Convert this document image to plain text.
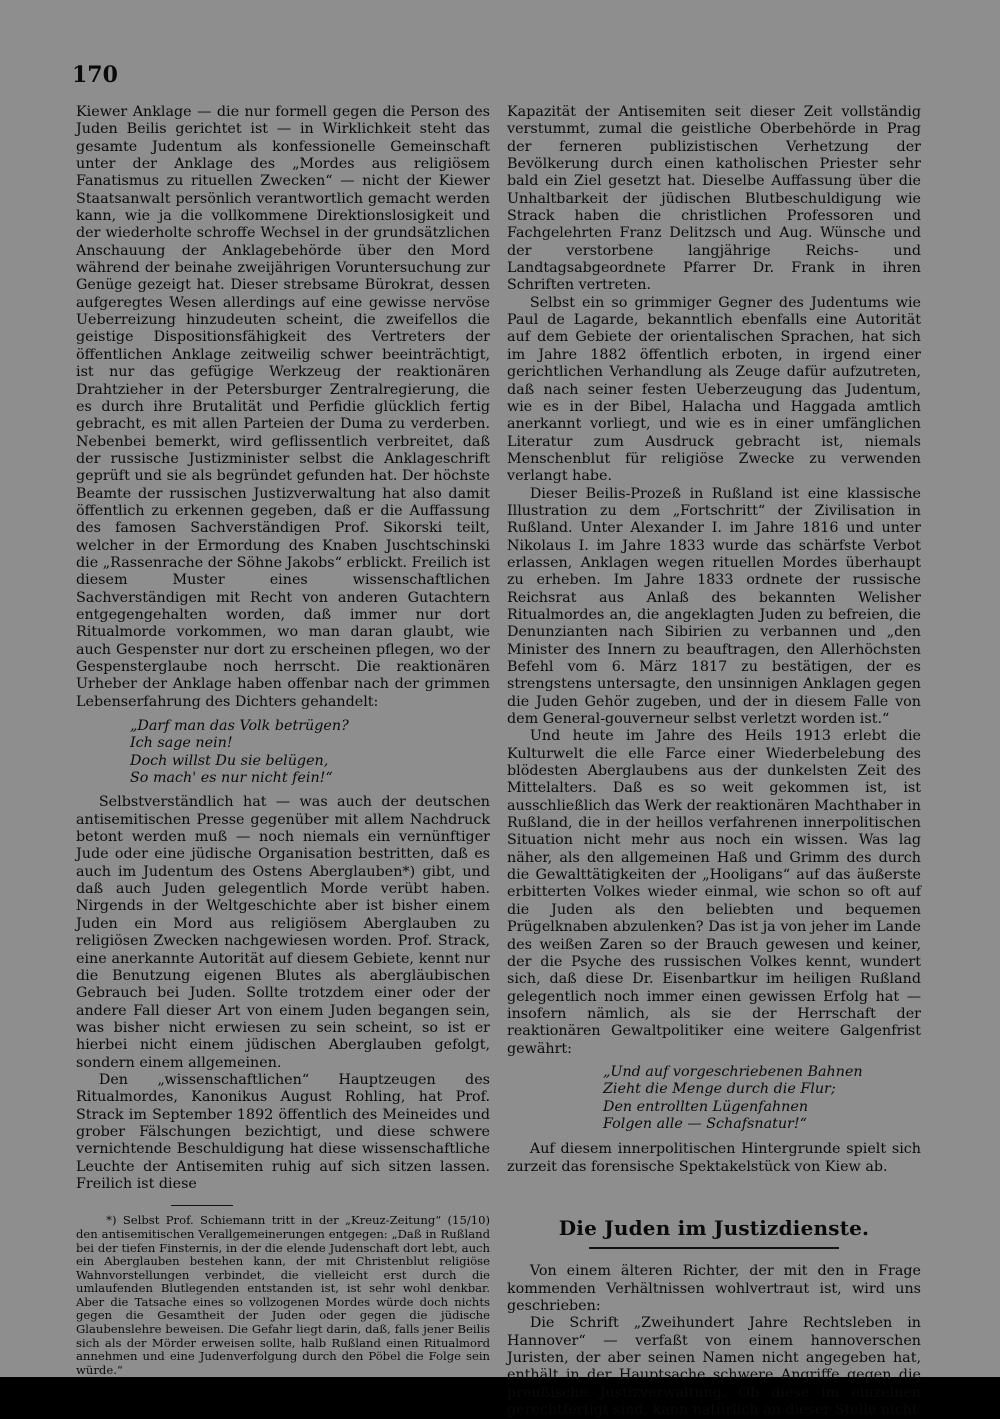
170

Kiewer Anklage — die nur formell gegen die Person des Juden Beilis gerichtet ist — in Wirklichkeit steht das gesamte Judentum als konfessionelle Gemeinschaft unter der Anklage des „Mordes aus religiösem Fanatismus zu rituellen Zwecken“ — nicht der Kiewer Staatsanwalt persönlich verantwortlich gemacht werden kann, wie ja die vollkommene Direktionslosigkeit und der wiederholte schroffe Wechsel in der grundsätzlichen Anschauung der Anklagebehörde über den Mord während der beinahe zweijährigen Voruntersuchung zur Genüge gezeigt hat. Dieser strebsame Bürokrat, dessen aufgeregtes Wesen allerdings auf eine gewisse nervöse Ueberreizung hinzudeuten scheint, die zweifellos die geistige Dispositionsfähigkeit des Vertreters der öffentlichen Anklage zeitweilig schwer beeinträchtigt, ist nur das gefügige Werkzeug der reaktionären Drahtzieher in der Petersburger Zentralregierung, die es durch ihre Brutalität und Perfidie glücklich fertig gebracht, es mit allen Parteien der Duma zu verderben. Nebenbei bemerkt, wird geflissentlich verbreitet, daß der russische Justizminister selbst die Anklageschrift geprüft und sie als begründet gefunden hat. Der höchste Beamte der russischen Justizverwaltung hat also damit öffentlich zu erkennen gegeben, daß er die Auffassung des famosen Sachverständigen Prof. Sikorski teilt, welcher in der Ermordung des Knaben Juschtschinski die „Rassenrache der Söhne Jakobs“ erblickt. Freilich ist diesem Muster eines wissenschaftlichen Sachverständigen mit Recht von anderen Gutachtern entgegengehalten worden, daß immer nur dort Ritualmorde vorkommen, wo man daran glaubt, wie auch Gespenster nur dort zu erscheinen pflegen, wo der Gespensterglaube noch herrscht. Die reaktionären Urheber der Anklage haben offenbar nach der grimmen Lebenserfahrung des Dichters gehandelt:

„Darf man das Volk betrügen?
Ich sage nein!
Doch willst Du sie belügen,
So mach' es nur nicht fein!“

Selbstverständlich hat — was auch der deutschen antisemitischen Presse gegenüber mit allem Nachdruck betont werden muß — noch niemals ein vernünftiger Jude oder eine jüdische Organisation bestritten, daß es auch im Judentum des Ostens Aberglauben*) gibt, und daß auch Juden gelegentlich Morde verübt haben. Nirgends in der Weltgeschichte aber ist bisher einem Juden ein Mord aus religiösem Aberglauben zu religiösen Zwecken nachgewiesen worden. Prof. Strack, eine anerkannte Autorität auf diesem Gebiete, kennt nur die Benutzung eigenen Blutes als abergläubischen Gebrauch bei Juden. Sollte trotzdem einer oder der andere Fall dieser Art von einem Juden begangen sein, was bisher nicht erwiesen zu sein scheint, so ist er hierbei nicht einem jüdischen Aberglauben gefolgt, sondern einem allgemeinen.

Den „wissenschaftlichen“ Hauptzeugen des Ritualmordes, Kanonikus August Rohling, hat Prof. Strack im September 1892 öffentlich des Meineides und grober Fälschungen bezichtigt, und diese schwere vernichtende Beschuldigung hat diese wissenschaftliche Leuchte der Antisemiten ruhig auf sich sitzen lassen. Freilich ist diese

*) Selbst Prof. Schiemann tritt in der „Kreuz-Zeitung“ (15/10) den antisemitischen Verallgemeinerungen entgegen: „Daß in Rußland bei der tiefen Finsternis, in der die elende Judenschaft dort lebt, auch ein Aberglauben bestehen kann, der mit Christenblut religiöse Wahnvorstellungen verbindet, die vielleicht erst durch die umlaufenden Blutlegenden entstanden ist, ist sehr wohl denkbar. Aber die Tatsache eines so vollzogenen Mordes würde doch nichts gegen die Gesamtheit der Juden oder gegen die jüdische Glaubenslehre beweisen. Die Gefahr liegt darin, daß, falls jener Beilis sich als der Mörder erweisen sollte, halb Rußland einen Ritualmord annehmen und eine Judenverfolgung durch den Pöbel die Folge sein würde.“

Kapazität der Antisemiten seit dieser Zeit vollständig verstummt, zumal die geistliche Oberbehörde in Prag der ferneren publizistischen Verhetzung der Bevölkerung durch einen katholischen Priester sehr bald ein Ziel gesetzt hat. Dieselbe Auffassung über die Unhaltbarkeit der jüdischen Blutbeschuldigung wie Strack haben die christlichen Professoren und Fachgelehrten Franz Delitzsch und Aug. Wünsche und der verstorbene langjährige Reichs- und Landtagsabgeordnete Pfarrer Dr. Frank in ihren Schriften vertreten.

Selbst ein so grimmiger Gegner des Judentums wie Paul de Lagarde, bekanntlich ebenfalls eine Autorität auf dem Gebiete der orientalischen Sprachen, hat sich im Jahre 1882 öffentlich erboten, in irgend einer gerichtlichen Verhandlung als Zeuge dafür aufzutreten, daß nach seiner festen Ueberzeugung das Judentum, wie es in der Bibel, Halacha und Haggada amtlich anerkannt vorliegt, und wie es in einer umfänglichen Literatur zum Ausdruck gebracht ist, niemals Menschenblut für religiöse Zwecke zu verwenden verlangt habe.

Dieser Beilis-Prozeß in Rußland ist eine klassische Illustration zu dem „Fortschritt“ der Zivilisation in Rußland. Unter Alexander I. im Jahre 1816 und unter Nikolaus I. im Jahre 1833 wurde das schärfste Verbot erlassen, Anklagen wegen rituellen Mordes überhaupt zu erheben. Im Jahre 1833 ordnete der russische Reichsrat aus Anlaß des bekannten Welisher Ritualmordes an, die angeklagten Juden zu befreien, die Denunzianten nach Sibirien zu verbannen und „den Minister des Innern zu beauftragen, den Allerhöchsten Befehl vom 6. März 1817 zu bestätigen, der es strengstens untersagte, den unsinnigen Anklagen gegen die Juden Gehör zugeben, und der in diesem Falle von dem General-gouverneur selbst verletzt worden ist.“

Und heute im Jahre des Heils 1913 erlebt die Kulturwelt die elle Farce einer Wiederbelebung des blödesten Aberglaubens aus der dunkelsten Zeit des Mittelalters. Daß es so weit gekommen ist, ist ausschließlich das Werk der reaktionären Machthaber in Rußland, die in der heillos verfahrenen innerpolitischen Situation nicht mehr aus noch ein wissen. Was lag näher, als den allgemeinen Haß und Grimm des durch die Gewalttätigkeiten der „Hooligans“ auf das äußerste erbitterten Volkes wieder einmal, wie schon so oft auf die Juden als den beliebten und bequemen Prügelknaben abzulenken? Das ist ja von jeher im Lande des weißen Zaren so der Brauch gewesen und keiner, der die Psyche des russischen Volkes kennt, wundert sich, daß diese Dr. Eisenbartkur im heiligen Rußland gelegentlich noch immer einen gewissen Erfolg hat — insofern nämlich, als sie der Herrschaft der reaktionären Gewaltpolitiker eine weitere Galgenfrist gewährt:

„Und auf vorgeschriebenen Bahnen
Zieht die Menge durch die Flur;
Den entrollten Lügenfahnen
Folgen alle — Schafsnatur!“

Auf diesem innerpolitischen Hintergrunde spielt sich zurzeit das forensische Spektakelstück von Kiew ab.

Die Juden im Justizdienste.

Von einem älteren Richter, der mit den in Frage kommenden Verhältnissen wohlvertraut ist, wird uns geschrieben:

Die Schrift „Zweihundert Jahre Rechtsleben in Hannover“ — verfaßt von einem hannoverschen Juristen, der aber seinen Namen nicht angegeben hat, enthält in der Hauptsache schwere Angriffe gegen die preußische Justizverwaltung. Ob diese im einzelnen gerechtfertigt sind, kann natürlich an dieser Stelle nicht
